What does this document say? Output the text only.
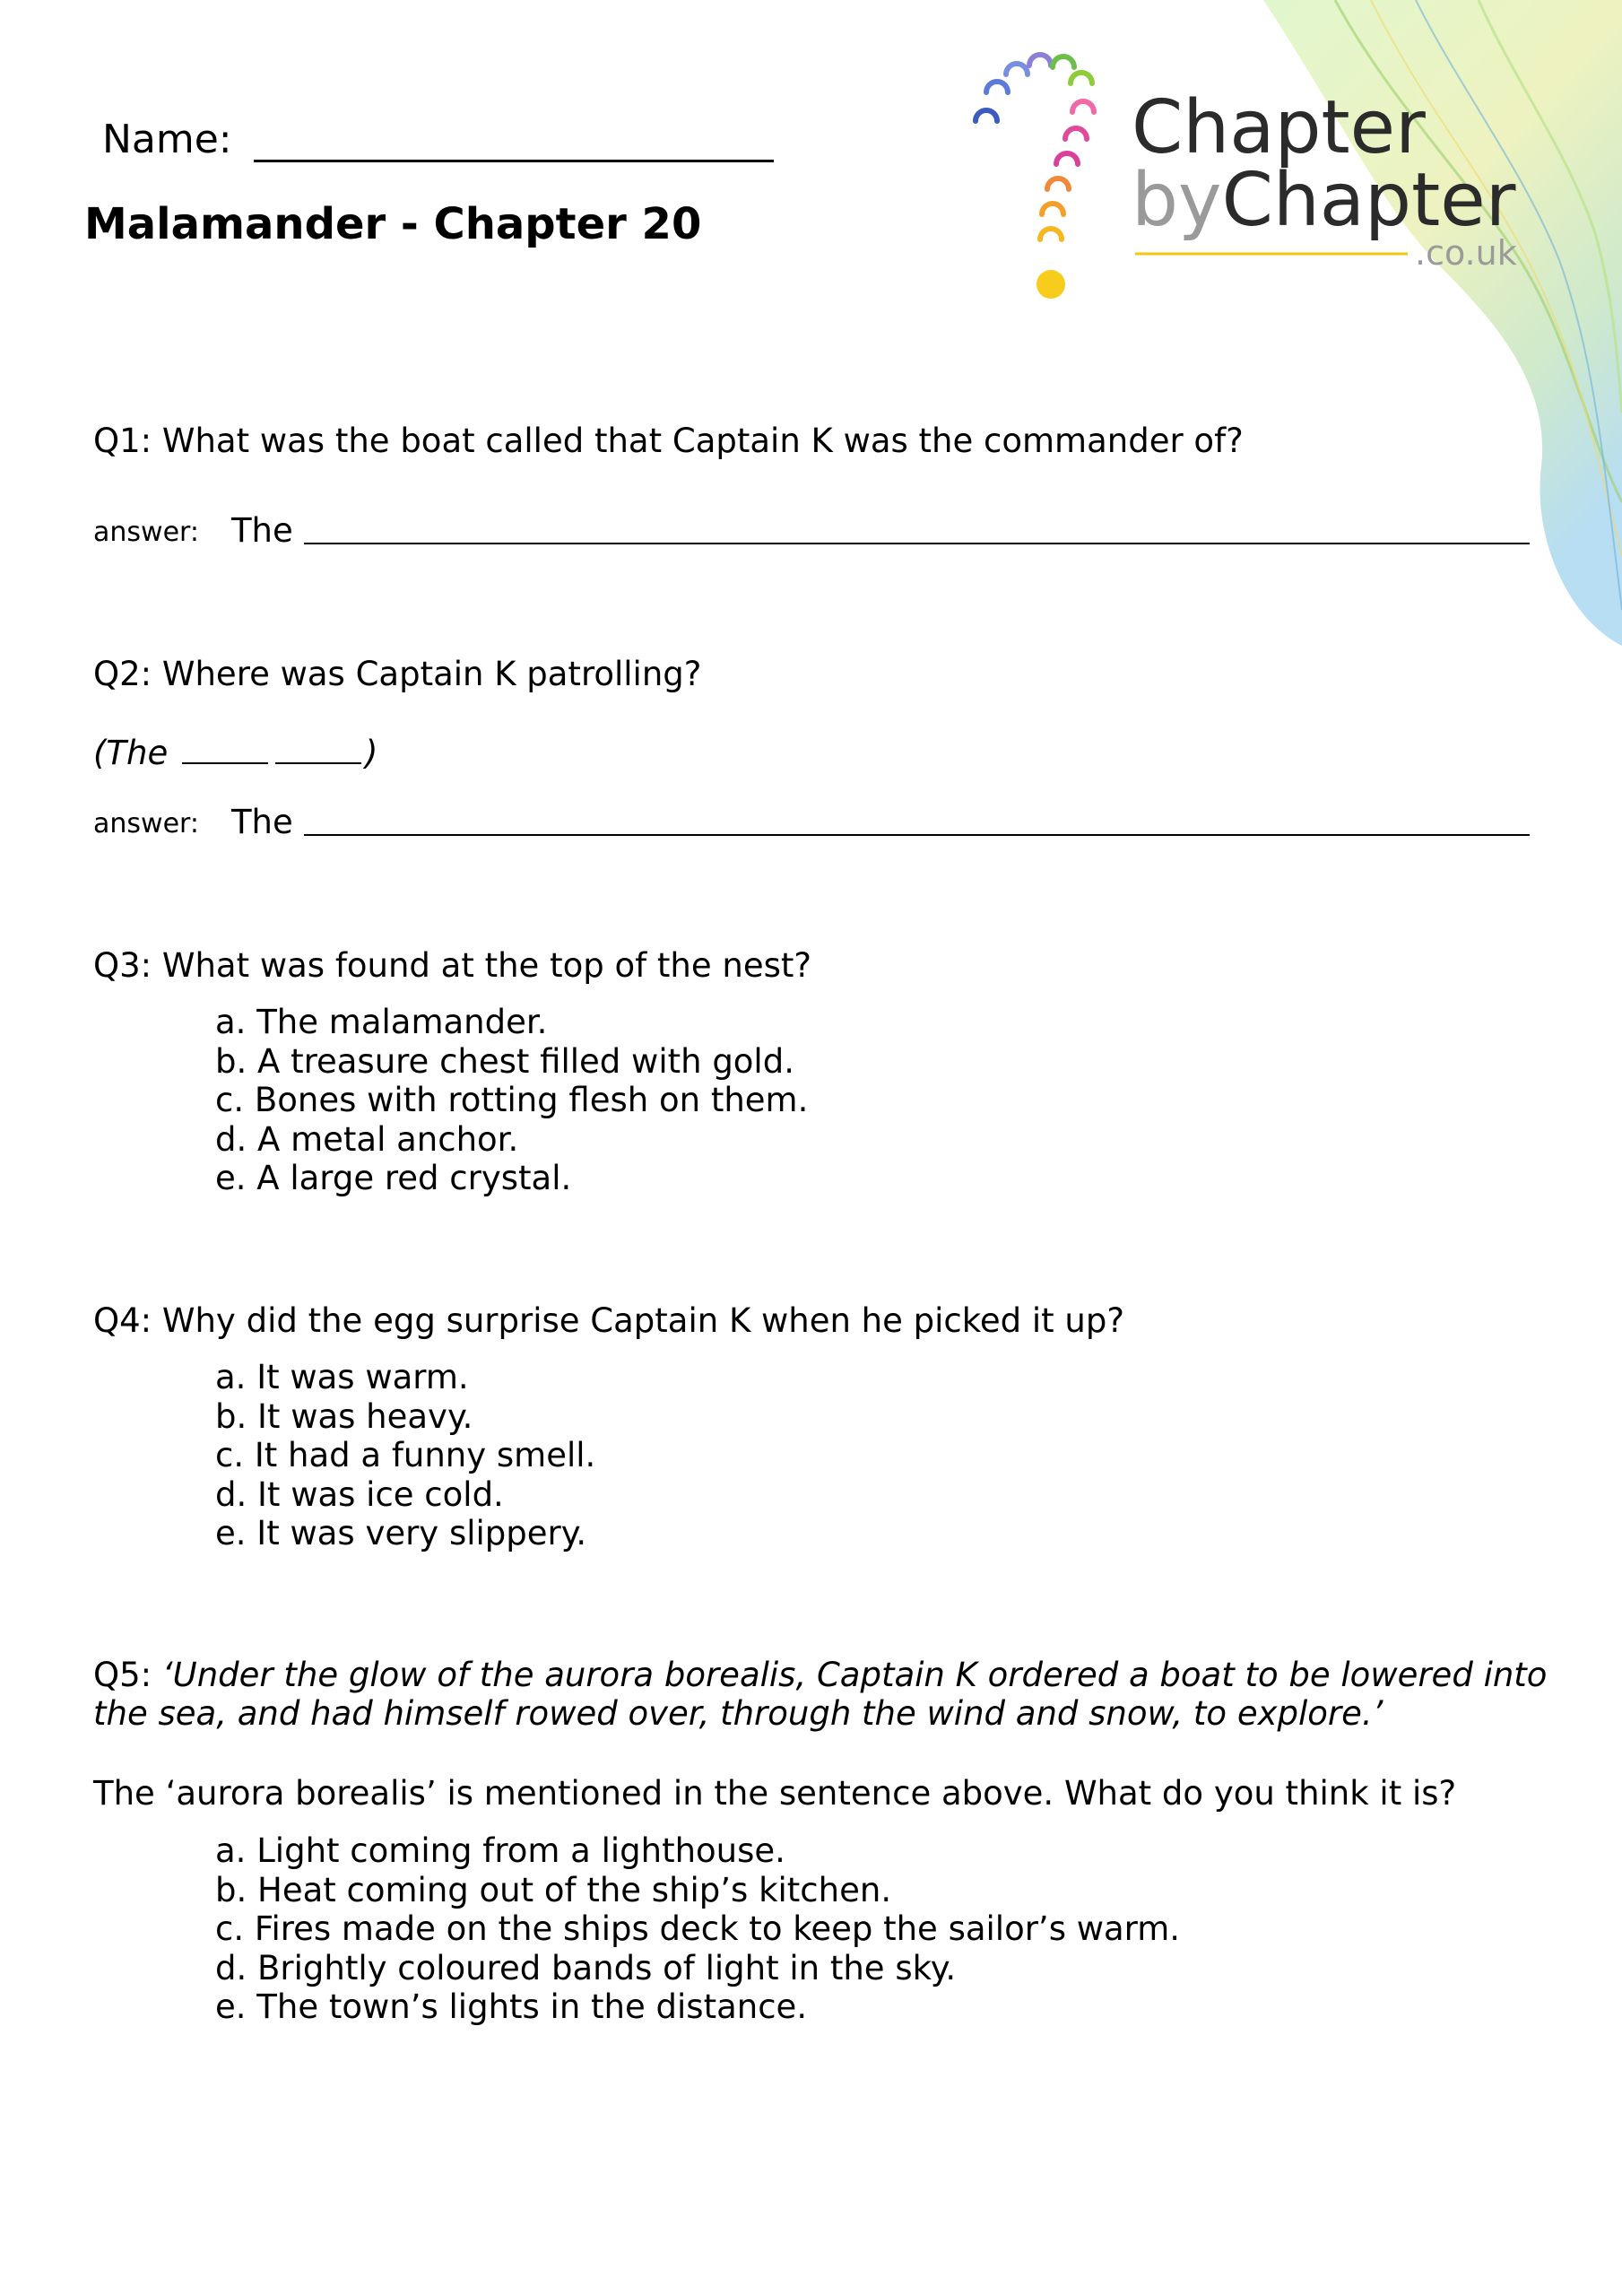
Chapter
byChapter
.co.uk
Name:
Malamander - Chapter 20
Q1: What was the boat called that Captain K was the commander of?
answer: The
Q2: Where was Captain K patrolling?
(The	)
answer: The
Q3: What was found at the top of the nest?
a. The malamander.
b. A treasure chest filled with gold.
c. Bones with rotting flesh on them.
d. A metal anchor.
e. A large red crystal.
Q4: Why did the egg surprise Captain K when he picked it up?
a. It was warm.
b. It was heavy.
c. It had a funny smell.
d. It was ice cold.
e. It was very slippery.
Q5: ‘Under the glow of the aurora borealis, Captain K ordered a boat to be lowered into the sea, and had himself rowed over, through the wind and snow, to explore.’
The ‘aurora borealis’ is mentioned in the sentence above. What do you think it is?
a. Light coming from a lighthouse.
b. Heat coming out of the ship’s kitchen.
c. Fires made on the ships deck to keep the sailor’s warm.
d. Brightly coloured bands of light in the sky.
e. The town’s lights in the distance.
